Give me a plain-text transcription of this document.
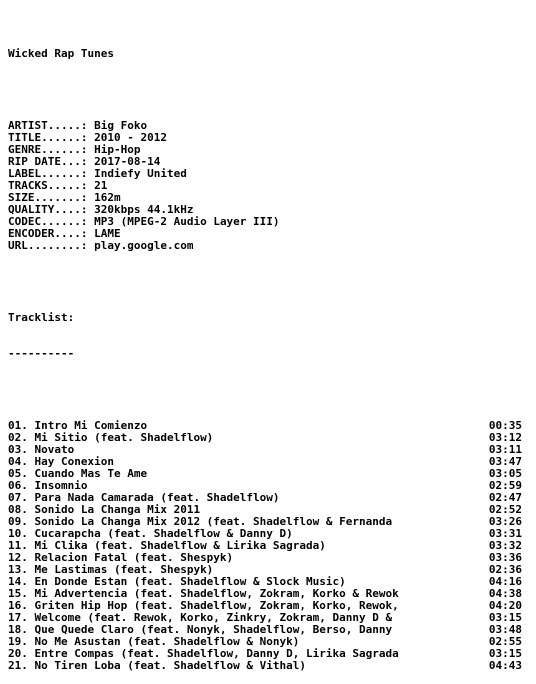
Wicked Rap Tunes

ARTIST.....: Big Foko
TITLE......: 2010 - 2012
GENRE......: Hip-Hop
RIP DATE...: 2017-08-14
LABEL......: Indiefy United
TRACKS.....: 21
SIZE.......: 162m
QUALITY....: 320kbps 44.1kHz
CODEC......: MP3 (MPEG-2 Audio Layer III)
ENCODER....: LAME
URL........: play.google.com

Tracklist:

----------

01. Intro Mi Comienzo	00:35
02. Mi Sitio (feat. Shadelflow)	03:12
03. Novato	03:11
04. Hay Conexion	03:47
05. Cuando Mas Te Ame	03:05
06. Insomnio	02:59
07. Para Nada Camarada (feat. Shadelflow)	02:47
08. Sonido La Changa Mix 2011	02:52
09. Sonido La Changa Mix 2012 (feat. Shadelflow & Fernanda	03:26
10. Cucarapcha (feat. Shadelflow & Danny D)	03:31
11. Mi Clika (feat. Shadelflow & Lirika Sagrada)	03:32
12. Relacion Fatal (feat. Shespyk)	03:36
13. Me Lastimas (feat. Shespyk)	02:36
14. En Donde Estan (feat. Shadelflow & Slock Music)	04:16
15. Mi Advertencia (feat. Shadelflow, Zokram, Korko & Rewok	04:38
16. Griten Hip Hop (feat. Shadelflow, Zokram, Korko, Rewok,	04:20
17. Welcome (feat. Rewok, Korko, Zinkry, Zokram, Danny D &	03:15
18. Que Quede Claro (feat. Nonyk, Shadelflow, Berso, Danny	03:48
19. No Me Asustan (feat. Shadelflow & Nonyk)	02:55
20. Entre Compas (feat. Shadelflow, Danny D, Lirika Sagrada	03:15
21. No Tiren Loba (feat. Shadelflow & Vithal)	04:43
